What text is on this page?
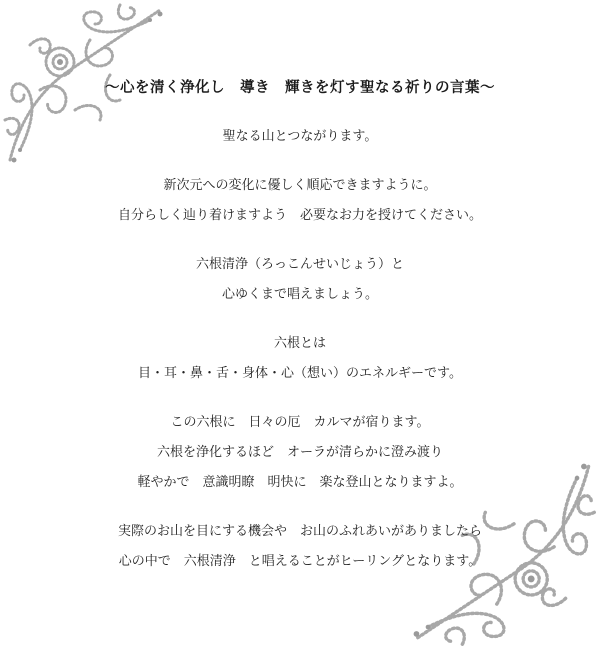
～心を清く浄化し　導き　輝きを灯す聖なる祈りの言葉～
聖なる山とつながります。
新次元への変化に優しく順応できますように。
自分らしく辿り着けますよう　必要なお力を授けてください。
六根清浄（ろっこんせいじょう）と
心ゆくまで唱えましょう。
六根とは
目・耳・鼻・舌・身体・心（想い）のエネルギーです。
この六根に　日々の厄　カルマが宿ります。
六根を浄化するほど　オーラが清らかに澄み渡り
軽やかで　意識明瞭　明快に　楽な登山となりますよ。
実際のお山を目にする機会や　お山のふれあいがありましたら
心の中で　六根清浄　と唱えることがヒーリングとなります。
